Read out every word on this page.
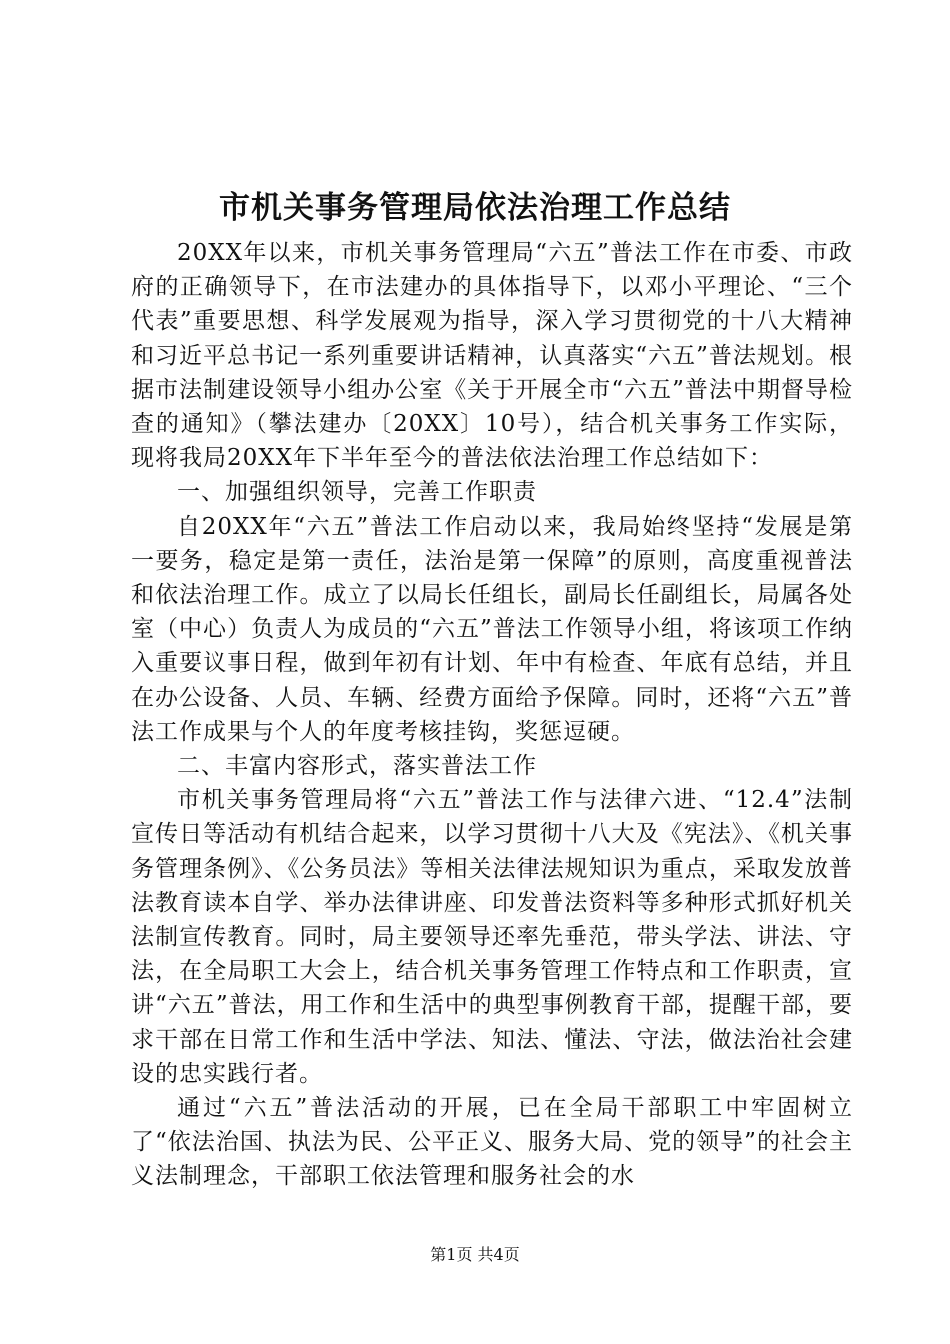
市机关事务管理局依法治理工作总结

20XX年以来，市机关事务管理局“六五”普法工作在市委、市政府的正确领导下，在市法建办的具体指导下，以邓小平理论、“三个代表”重要思想、科学发展观为指导，深入学习贯彻党的十八大精神和习近平总书记一系列重要讲话精神，认真落实“六五”普法规划。根据市法制建设领导小组办公室《关于开展全市“六五”普法中期督导检查的通知》（攀法建办〔20XX〕10号），结合机关事务工作实际，现将我局20XX年下半年至今的普法依法治理工作总结如下：

一、加强组织领导，完善工作职责

自20XX年“六五”普法工作启动以来，我局始终坚持“发展是第一要务，稳定是第一责任，法治是第一保障”的原则，高度重视普法和依法治理工作。成立了以局长任组长，副局长任副组长，局属各处室（中心）负责人为成员的“六五”普法工作领导小组，将该项工作纳入重要议事日程，做到年初有计划、年中有检查、年底有总结，并且在办公设备、人员、车辆、经费方面给予保障。同时，还将“六五”普法工作成果与个人的年度考核挂钩，奖惩逗硬。

二、丰富内容形式，落实普法工作

市机关事务管理局将“六五”普法工作与法律六进、“12.4”法制宣传日等活动有机结合起来，以学习贯彻十八大及《宪法》、《机关事务管理条例》、《公务员法》等相关法律法规知识为重点，采取发放普法教育读本自学、举办法律讲座、印发普法资料等多种形式抓好机关法制宣传教育。同时，局主要领导还率先垂范，带头学法、讲法、守法，在全局职工大会上，结合机关事务管理工作特点和工作职责，宣讲“六五”普法，用工作和生活中的典型事例教育干部，提醒干部，要求干部在日常工作和生活中学法、知法、懂法、守法，做法治社会建设的忠实践行者。

通过“六五”普法活动的开展，已在全局干部职工中牢固树立了“依法治国、执法为民、公平正义、服务大局、党的领导”的社会主义法制理念，干部职工依法管理和服务社会的水

第1页 共4页
